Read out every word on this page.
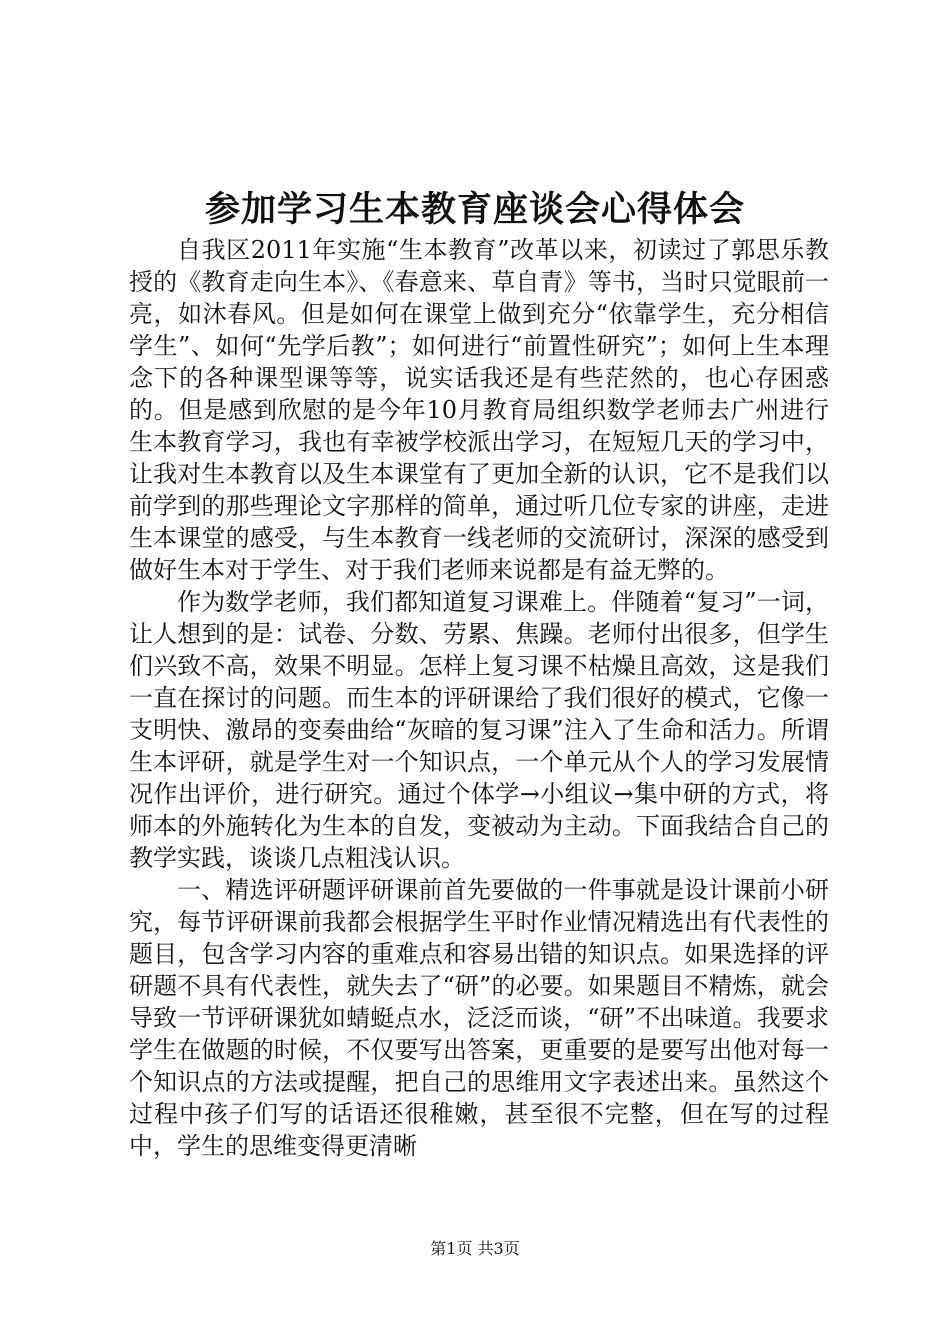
参加学习生本教育座谈会心得体会

自我区2011年实施“生本教育”改革以来，初读过了郭思乐教授的《教育走向生本》、《春意来、草自青》等书，当时只觉眼前一亮，如沐春风。但是如何在课堂上做到充分“依靠学生，充分相信学生”、如何“先学后教”；如何进行“前置性研究”；如何上生本理念下的各种课型课等等，说实话我还是有些茫然的，也心存困惑的。但是感到欣慰的是今年10月教育局组织数学老师去广州进行生本教育学习，我也有幸被学校派出学习，在短短几天的学习中，让我对生本教育以及生本课堂有了更加全新的认识，它不是我们以前学到的那些理论文字那样的简单，通过听几位专家的讲座，走进生本课堂的感受，与生本教育一线老师的交流研讨，深深的感受到做好生本对于学生、对于我们老师来说都是有益无弊的。

作为数学老师，我们都知道复习课难上。伴随着“复习”一词，让人想到的是：试卷、分数、劳累、焦躁。老师付出很多，但学生们兴致不高，效果不明显。怎样上复习课不枯燥且高效，这是我们一直在探讨的问题。而生本的评研课给了我们很好的模式，它像一支明快、激昂的变奏曲给“灰暗的复习课”注入了生命和活力。所谓生本评研，就是学生对一个知识点，一个单元从个人的学习发展情况作出评价，进行研究。通过个体学→小组议→集中研的方式，将师本的外施转化为生本的自发，变被动为主动。下面我结合自己的教学实践，谈谈几点粗浅认识。

一、精选评研题评研课前首先要做的一件事就是设计课前小研究，每节评研课前我都会根据学生平时作业情况精选出有代表性的题目，包含学习内容的重难点和容易出错的知识点。如果选择的评研题不具有代表性，就失去了“研”的必要。如果题目不精炼，就会导致一节评研课犹如蜻蜓点水，泛泛而谈，“研”不出味道。我要求学生在做题的时候，不仅要写出答案，更重要的是要写出他对每一个知识点的方法或提醒，把自己的思维用文字表述出来。虽然这个过程中孩子们写的话语还很稚嫩，甚至很不完整，但在写的过程中，学生的思维变得更清晰

第1页 共3页
